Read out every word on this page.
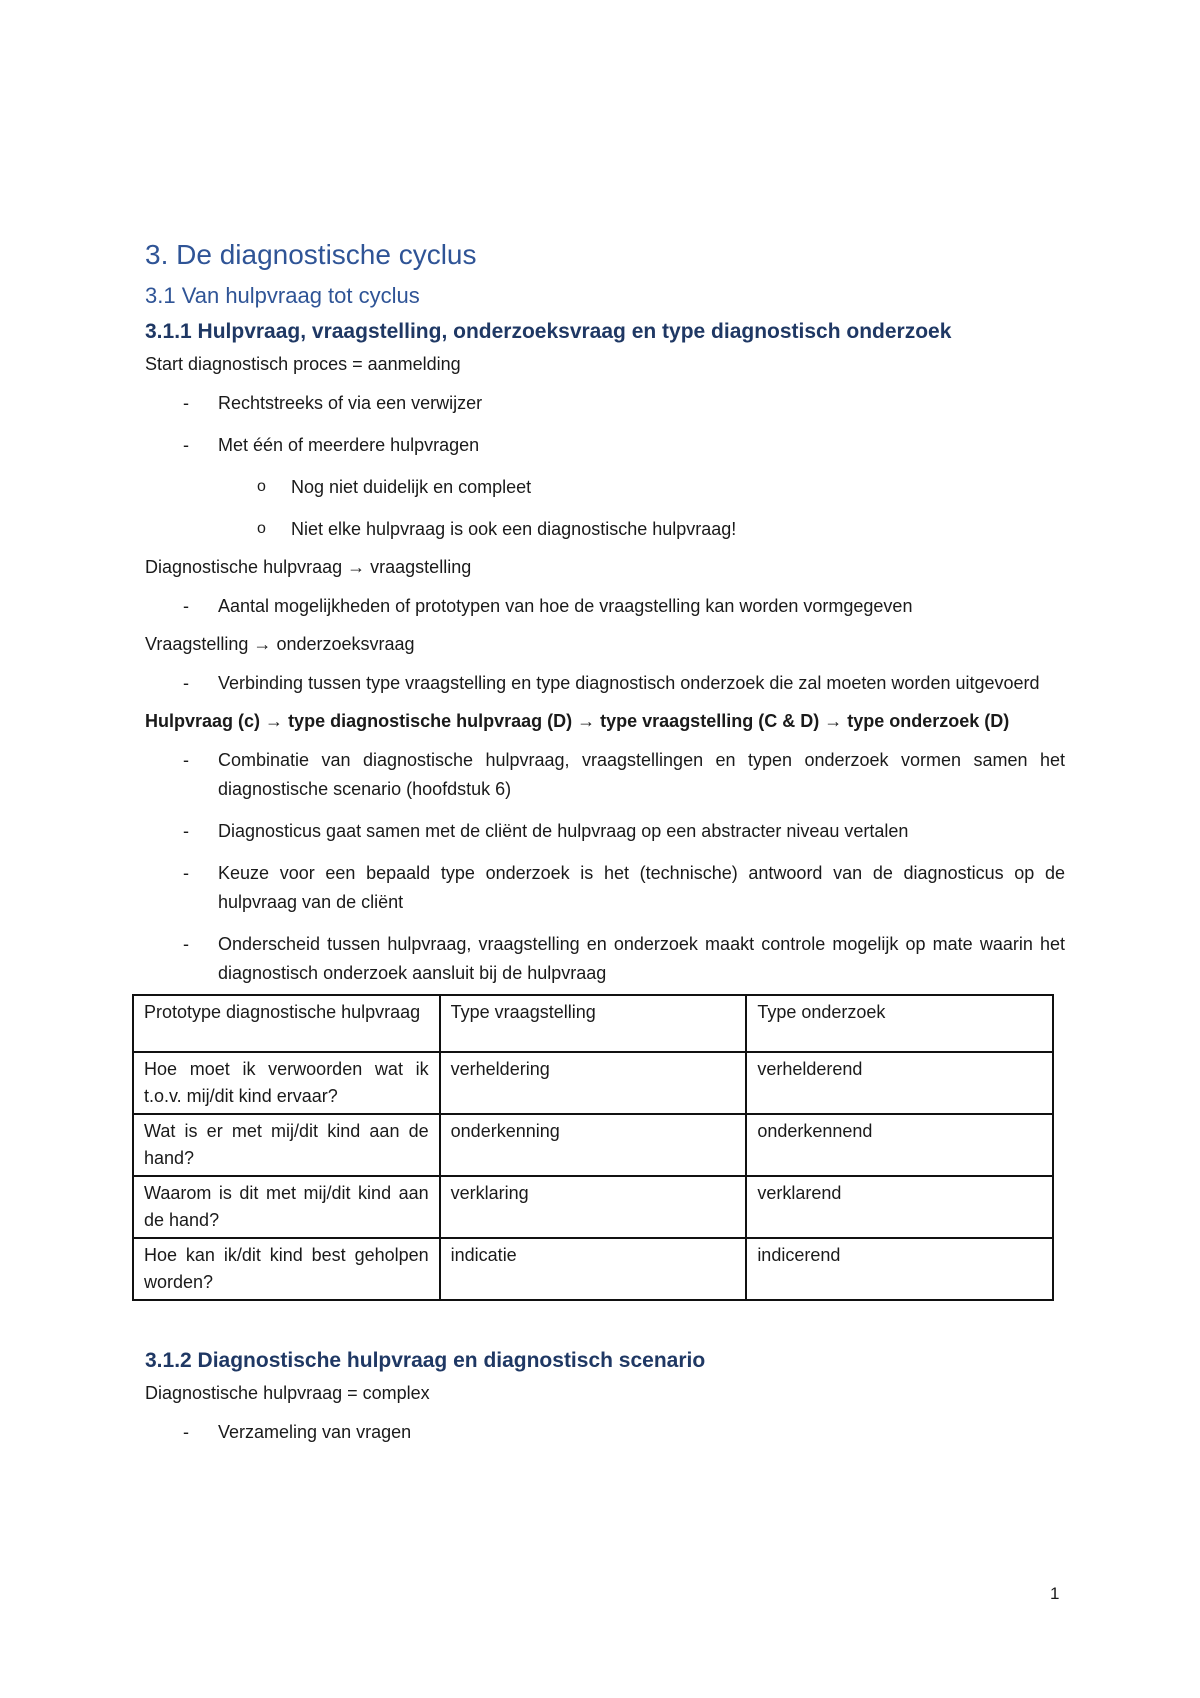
3. De diagnostische cyclus
3.1 Van hulpvraag tot cyclus
3.1.1 Hulpvraag, vraagstelling, onderzoeksvraag en type diagnostisch onderzoek

Start diagnostisch proces = aanmelding

- Rechtstreeks of via een verwijzer
- Met één of meerdere hulpvragen
o Nog niet duidelijk en compleet
o Niet elke hulpvraag is ook een diagnostische hulpvraag!

Diagnostische hulpvraag → vraagstelling

- Aantal mogelijkheden of prototypen van hoe de vraagstelling kan worden vormgegeven

Vraagstelling → onderzoeksvraag

- Verbinding tussen type vraagstelling en type diagnostisch onderzoek die zal moeten worden uitgevoerd

Hulpvraag (c) → type diagnostische hulpvraag (D) → type vraagstelling (C & D) → type onderzoek (D)

- Combinatie van diagnostische hulpvraag, vraagstellingen en typen onderzoek vormen samen het diagnostische scenario (hoofdstuk 6)
- Diagnosticus gaat samen met de cliënt de hulpvraag op een abstracter niveau vertalen
- Keuze voor een bepaald type onderzoek is het (technische) antwoord van de diagnosticus op de hulpvraag van de cliënt
- Onderscheid tussen hulpvraag, vraagstelling en onderzoek maakt controle mogelijk op mate waarin het diagnostisch onderzoek aansluit bij de hulpvraag
Prototype diagnostische hulpvraag	Type vraagstelling	Type onderzoek
Hoe moet ik verwoorden wat ik t.o.v. mij/dit kind ervaar?	verheldering	verhelderend
Wat is er met mij/dit kind aan de hand?	onderkenning	onderkennend
Waarom is dit met mij/dit kind aan de hand?	verklaring	verklarend
Hoe kan ik/dit kind best geholpen worden?	indicatie	indicerend
3.1.2 Diagnostische hulpvraag en diagnostisch scenario

Diagnostische hulpvraag = complex

- Verzameling van vragen
1
